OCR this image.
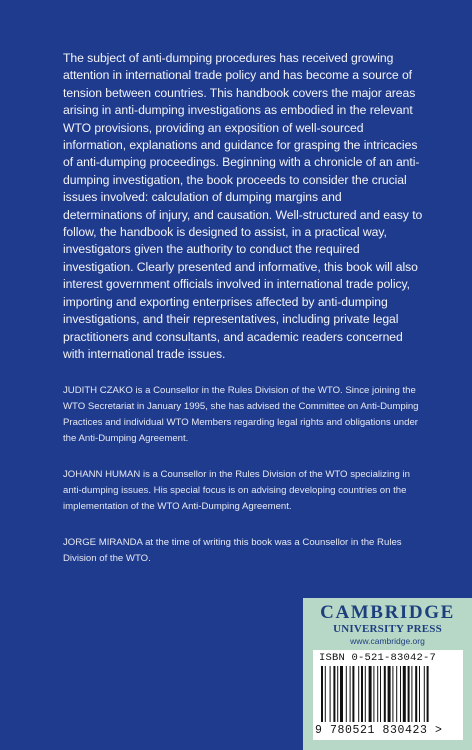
The subject of anti-dumping procedures has received growing attention in international trade policy and has become a source of tension between countries. This handbook covers the major areas arising in anti-dumping investigations as embodied in the relevant WTO provisions, providing an exposition of well-sourced information, explanations and guidance for grasping the intricacies of anti-dumping proceedings. Beginning with a chronicle of an anti-dumping investigation, the book proceeds to consider the crucial issues involved: calculation of dumping margins and determinations of injury, and causation. Well-structured and easy to follow, the handbook is designed to assist, in a practical way, investigators given the authority to conduct the required investigation. Clearly presented and informative, this book will also interest government officials involved in international trade policy, importing and exporting enterprises affected by anti-dumping investigations, and their representatives, including private legal practitioners and consultants, and academic readers concerned with international trade issues.

JUDITH CZAKO is a Counsellor in the Rules Division of the WTO. Since joining the WTO Secretariat in January 1995, she has advised the Committee on Anti-Dumping Practices and individual WTO Members regarding legal rights and obligations under the Anti-Dumping Agreement.

JOHANN HUMAN is a Counsellor in the Rules Division of the WTO specializing in anti-dumping issues. His special focus is on advising developing countries on the implementation of the WTO Anti-Dumping Agreement.

JORGE MIRANDA at the time of writing this book was a Counsellor in the Rules Division of the WTO.

CAMBRIDGE
UNIVERSITY PRESS
www.cambridge.org
ISBN 0-521-83042-7
9 780521 830423 >
